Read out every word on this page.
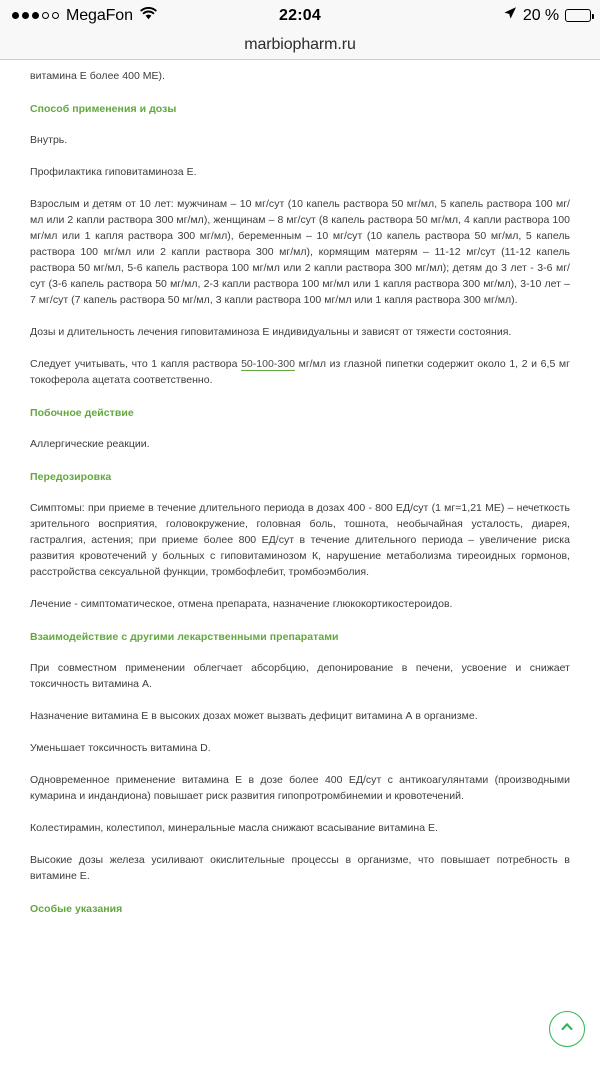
MegaFon	22:04	20 %
marbiopharm.ru

витамина Е более 400 МЕ).

Способ применения и дозы

Внутрь.

Профилактика гиповитаминоза Е.

Взрослым и детям от 10 лет: мужчинам – 10 мг/сут (10 капель раствора 50 мг/мл, 5 капель раствора 100 мг/мл или 2 капли раствора 300 мг/мл), женщинам – 8 мг/сут (8 капель раствора 50 мг/мл, 4 капли раствора 100 мг/мл или 1 капля раствора 300 мг/мл), беременным – 10 мг/сут (10 капель раствора 50 мг/мл, 5 капель раствора 100 мг/мл или 2 капли раствора 300 мг/мл), кормящим матерям – 11-12 мг/сут (11-12 капель раствора 50 мг/мл, 5-6 капель раствора 100 мг/мл или 2 капли раствора 300 мг/мл); детям до 3 лет - 3-6 мг/сут (3-6 капель раствора 50 мг/мл, 2-3 капли раствора 100 мг/мл или 1 капля раствора 300 мг/мл), 3-10 лет – 7 мг/сут (7 капель раствора 50 мг/мл, 3 капли раствора 100 мг/мл или 1 капля раствора 300 мг/мл).

Дозы и длительность лечения гиповитаминоза Е индивидуальны и зависят от тяжести состояния.

Следует учитывать, что 1 капля раствора 50-100-300 мг/мл из глазной пипетки содержит около 1, 2 и 6,5 мг токоферола ацетата соответственно.

Побочное действие

Аллергические реакции.

Передозировка

Симптомы: при приеме в течение длительного периода в дозах 400 - 800 ЕД/сут (1 мг=1,21 МЕ) – нечеткость зрительного восприятия, головокружение, головная боль, тошнота, необычайная усталость, диарея, гастралгия, астения; при приеме более 800 ЕД/сут в течение длительного периода – увеличение риска развития кровотечений у больных с гиповитаминозом К, нарушение метаболизма тиреоидных гормонов, расстройства сексуальной функции, тромбофлебит, тромбоэмболия.

Лечение - симптоматическое, отмена препарата, назначение глюкокортикостероидов.

Взаимодействие с другими лекарственными препаратами

При совместном применении облегчает абсорбцию, депонирование в печени, усвоение и снижает токсичность витамина А.

Назначение витамина Е в высоких дозах может вызвать дефицит витамина А в организме.

Уменьшает токсичность витамина D.

Одновременное применение витамина Е в дозе более 400 ЕД/сут с антикоагулянтами (производными кумарина и индандиона) повышает риск развития гипопротромбинемии и кровотечений.

Колестирамин, колестипол, минеральные масла снижают всасывание витамина Е.

Высокие дозы железа усиливают окислительные процессы в организме, что повышает потребность в витамине Е.

Особые указания
